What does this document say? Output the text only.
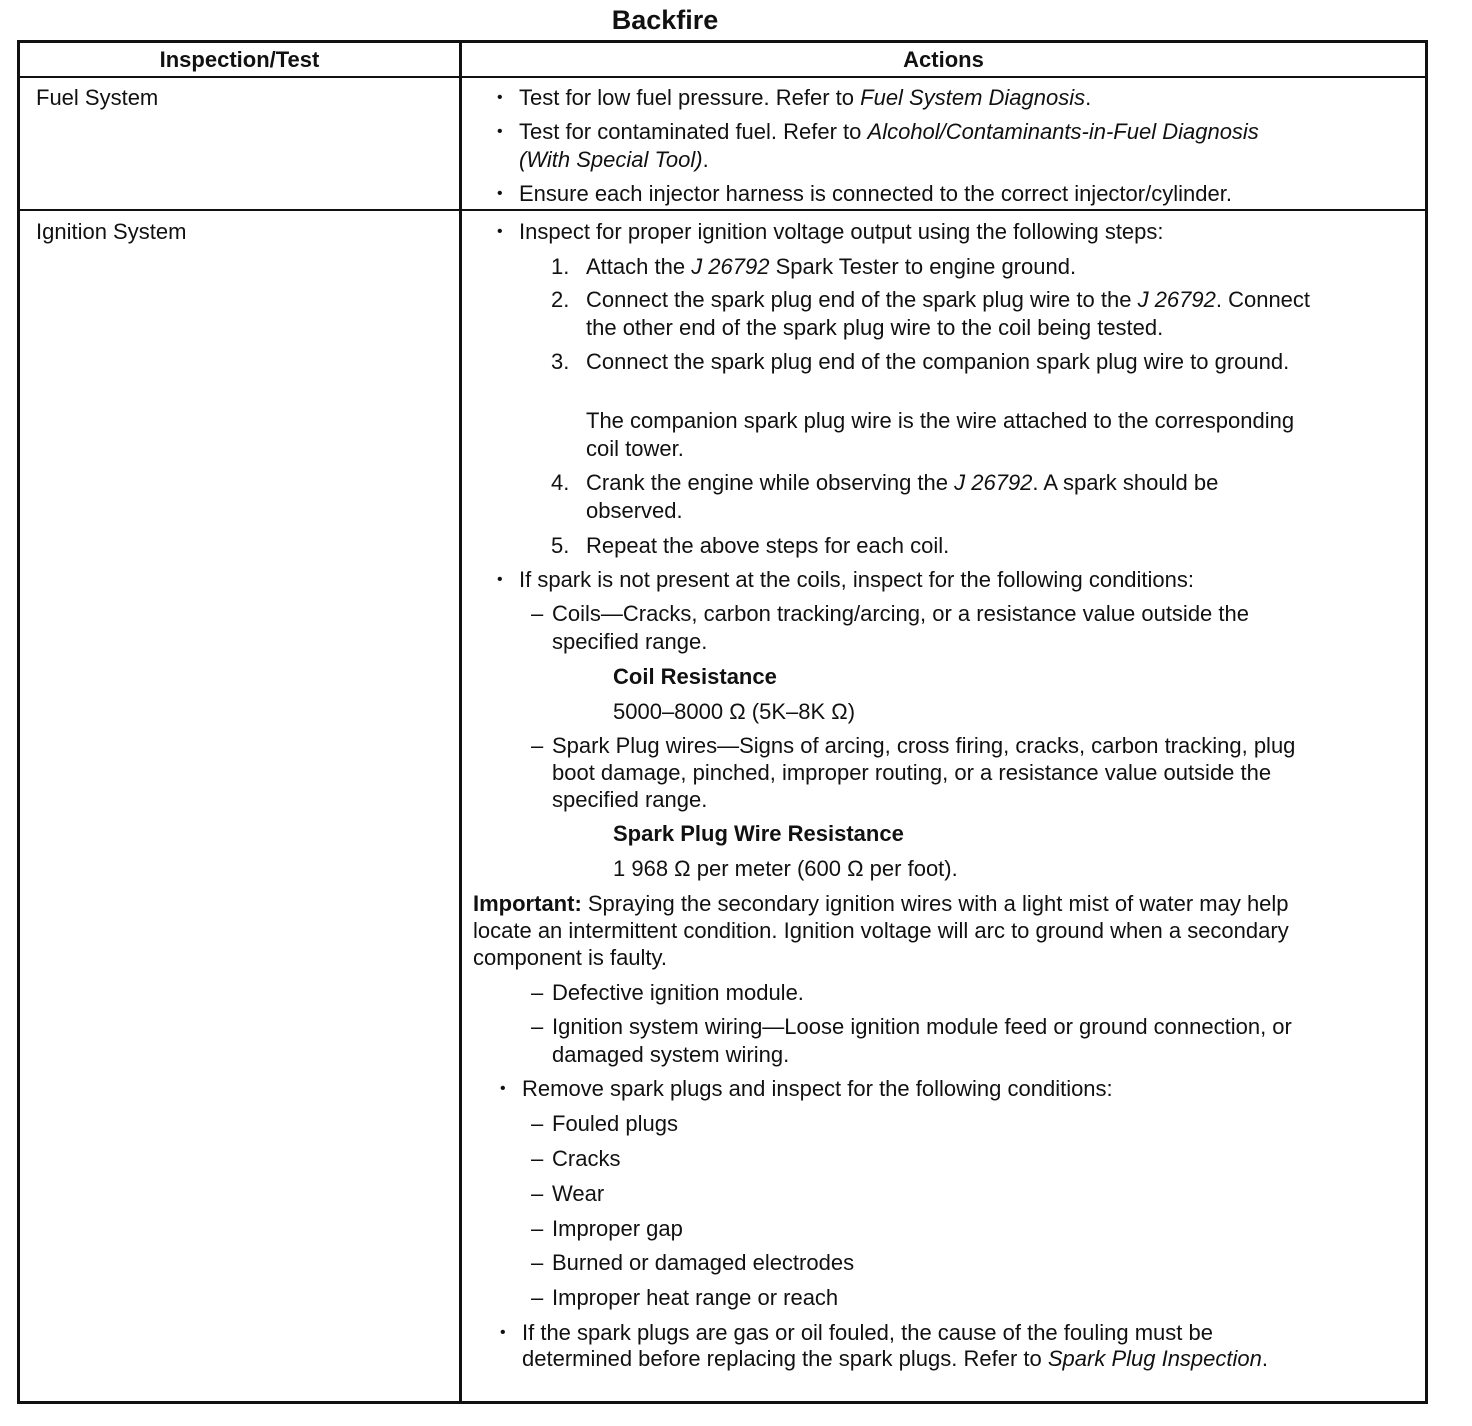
Backfire
Inspection/Test	Actions
Fuel System	• Test for low fuel pressure. Refer to Fuel System Diagnosis.
• Test for contaminated fuel. Refer to Alcohol/Contaminants-in-Fuel Diagnosis
(With Special Tool).
• Ensure each injector harness is connected to the correct injector/cylinder.
Ignition System	• Inspect for proper ignition voltage output using the following steps:
1. Attach the J 26792 Spark Tester to engine ground.
2. Connect the spark plug end of the spark plug wire to the J 26792. Connect
the other end of the spark plug wire to the coil being tested.
3. Connect the spark plug end of the companion spark plug wire to ground.
The companion spark plug wire is the wire attached to the corresponding
coil tower.
4. Crank the engine while observing the J 26792. A spark should be
observed.
5. Repeat the above steps for each coil.
• If spark is not present at the coils, inspect for the following conditions:
– Coils—Cracks, carbon tracking/arcing, or a resistance value outside the
specified range.
Coil Resistance
5000–8000 Ω (5K–8K Ω)
– Spark Plug wires—Signs of arcing, cross firing, cracks, carbon tracking, plug
boot damage, pinched, improper routing, or a resistance value outside the
specified range.
Spark Plug Wire Resistance
1 968 Ω per meter (600 Ω per foot).
Important: Spraying the secondary ignition wires with a light mist of water may help
locate an intermittent condition. Ignition voltage will arc to ground when a secondary
component is faulty.
– Defective ignition module.
– Ignition system wiring—Loose ignition module feed or ground connection, or
damaged system wiring.
• Remove spark plugs and inspect for the following conditions:
– Fouled plugs
– Cracks
– Wear
– Improper gap
– Burned or damaged electrodes
– Improper heat range or reach
• If the spark plugs are gas or oil fouled, the cause of the fouling must be
determined before replacing the spark plugs. Refer to Spark Plug Inspection.
